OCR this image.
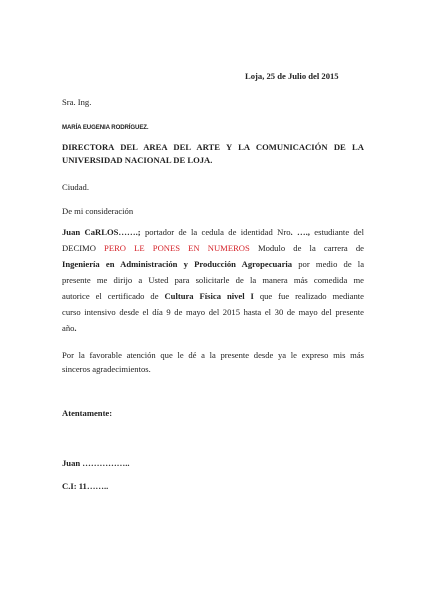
Loja, 25 de Julio del 2015

Sra. Ing.

MARÍA EUGENIA RODRÍGUEZ.

DIRECTORA DEL AREA DEL ARTE Y LA COMUNICACIÓN DE LA

UNIVERSIDAD NACIONAL DE LOJA.

Ciudad.

De mi consideración

Juan CaRLOS…….; portador de la cedula de identidad Nro. …., estudiante del

DECIMO PERO LE PONES EN NUMEROS Modulo de la carrera de

Ingeniería en Administración y Producción Agropecuaria por medio de la

presente me dirijo a Usted para solicitarle de la manera más comedida me

autorice el certificado de Cultura Física nivel I que fue realizado mediante

curso intensivo desde el día 9 de mayo del 2015 hasta el 30 de mayo del presente

año.

Por la favorable atención que le dé a la presente desde ya le expreso mis más

sinceros agradecimientos.

Atentamente:

Juan ……………..

C.I: 11……..
